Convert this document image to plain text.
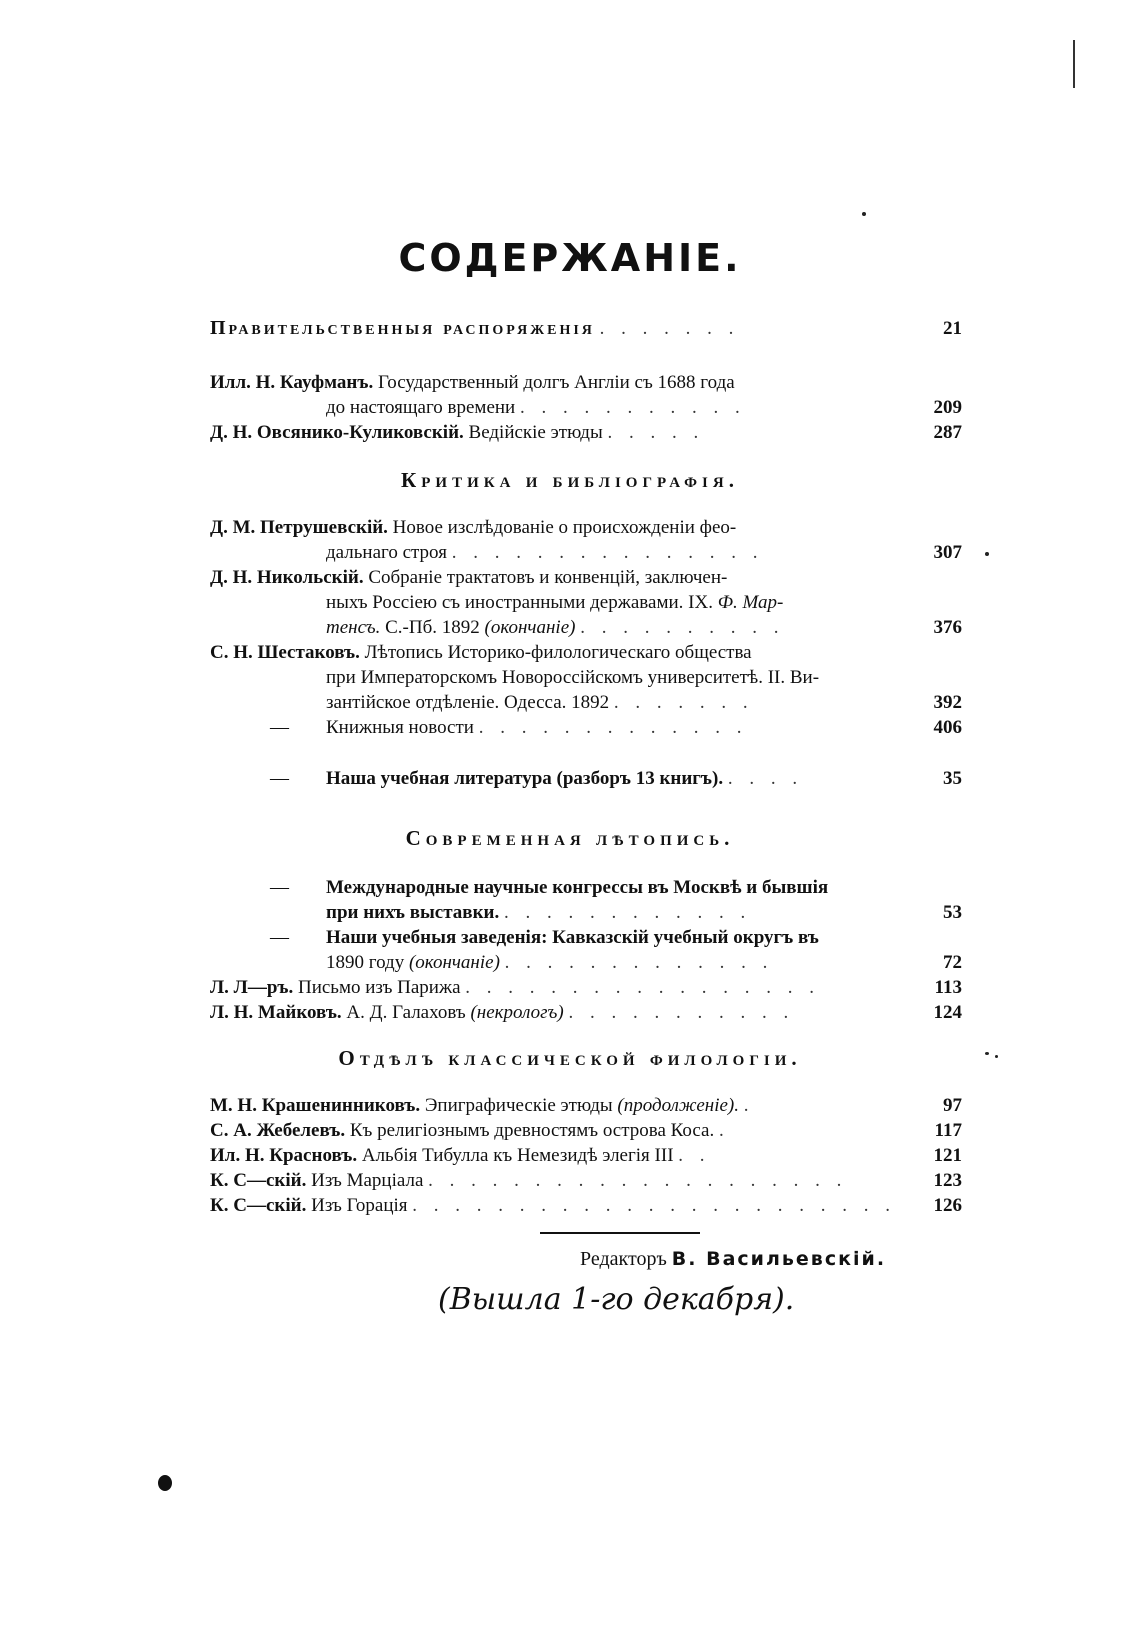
СОДЕРЖАНІЕ.
Правительственныя распоряженія . . . . . . .	21
Илл. Н. Кауфманъ. Государственный долгъ Англіи съ 1688 года
до настоящаго времени . . . . . . . . . . .	209
Д. Н. Овсянико-Куликовскій. Ведійскіе этюды . . . . .	287
Критика и библіографія.
Д. М. Петрушевскій. Новое изслѣдованіе о происхожденіи фео-
дальнаго строя . . . . . . . . . . . . . . .	307
Д. Н. Никольскій. Собраніе трактатовъ и конвенцій, заключен-
ныхъ Россіею съ иностранными державами. IX. Ф. Мар-
тенсъ. С.-Пб. 1892 (окончаніе) . . . . . . . . . .	376
С. Н. Шестаковъ. Лѣтопись Историко-филологическаго общества
при Императорскомъ Новороссійскомъ университетѣ. II. Ви-
зантійское отдѣленіе. Одесса. 1892 . . . . . . .	392
— Книжныя новости . . . . . . . . . . . . .	406
— Наша учебная литература (разборъ 13 книгъ). . . . .	35
Современная лѣтопись.
— Международные научные конгрессы въ Москвѣ и бывшія
при нихъ выставки. . . . . . . . . . . . .	53
— Наши учебныя заведенія: Кавказскій учебный округъ въ
1890 году (окончаніе) . . . . . . . . . . . . .	72
Л. Л—ръ. Письмо изъ Парижа . . . . . . . . . . . . . . . . .	113
Л. Н. Майковъ. А. Д. Галаховъ (некрологъ) . . . . . . . . . . .	124
Отдѣлъ классической филологіи.
М. Н. Крашенинниковъ. Эпиграфическіе этюды (продолженіе). .	97
С. А. Жебелевъ. Къ религіознымъ древностямъ острова Коса. .	117
Ил. Н. Красновъ. Альбія Тибулла къ Немезидѣ элегія III . .	121
К. С—скій. Изъ Марціала . . . . . . . . . . . . . . . . . . . .	123
К. С—скій. Изъ Горація . . . . . . . . . . . . . . . . . . . . . . . 126
Редакторъ В. Васильевскій.
(Вышла 1-го декабря).
